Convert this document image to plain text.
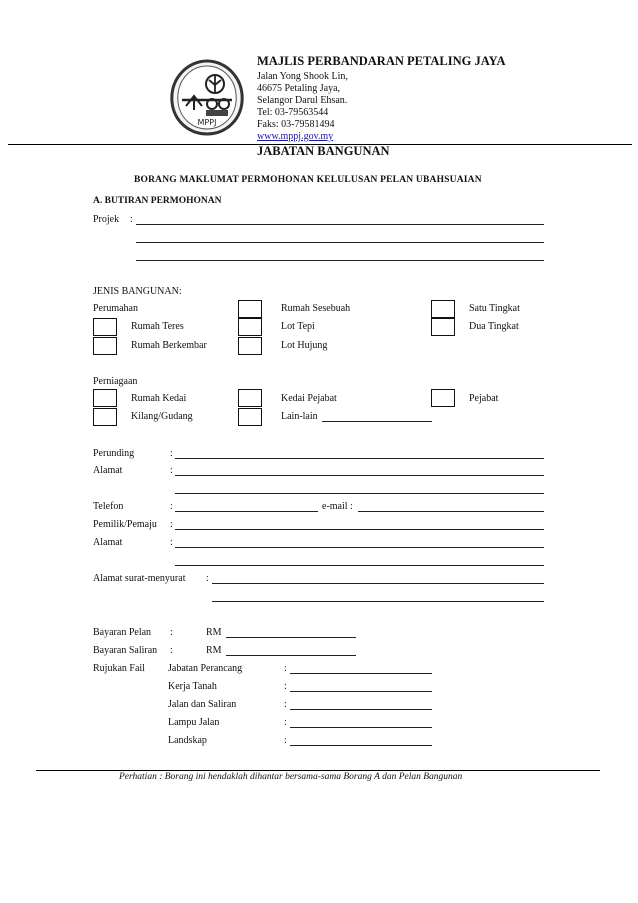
MPPJ
MAJLIS PERBANDARAN PETALING JAYA
Jalan Yong Shook Lin,
46675 Petaling Jaya,
Selangor Darul Ehsan.
Tel: 03-79563544
Faks: 03-79581494
www.mppj.gov.my
JABATAN BANGUNAN
BORANG MAKLUMAT PERMOHONAN KELULUSAN PELAN UBAHSUAIAN
A. BUTIRAN PERMOHONAN
Projek :
JENIS BANGUNAN:
Perumahan	Rumah Sesebuah	Satu Tingkat
Rumah Teres	Lot Tepi	Dua Tingkat
Rumah Berkembar	Lot Hujung
Perniagaan
Rumah Kedai	Kedai Pejabat	Pejabat
Kilang/Gudang	Lain-lain
Perunding	:
Alamat	:
Telefon	:	e-mail :
Pemilik/Pemaju :
Alamat	:
Alamat surat-menyurat :
Bayaran Pelan :	RM
Bayaran Saliran :	RM
Rujukan Fail Jabatan Perancang	:
Kerja Tanah	:
Jalan dan Saliran	:
Lampu Jalan	:
Landskap	:
Perhatian : Borang ini hendaklah dihantar bersama-sama Borang A dan Pelan Bangunan
